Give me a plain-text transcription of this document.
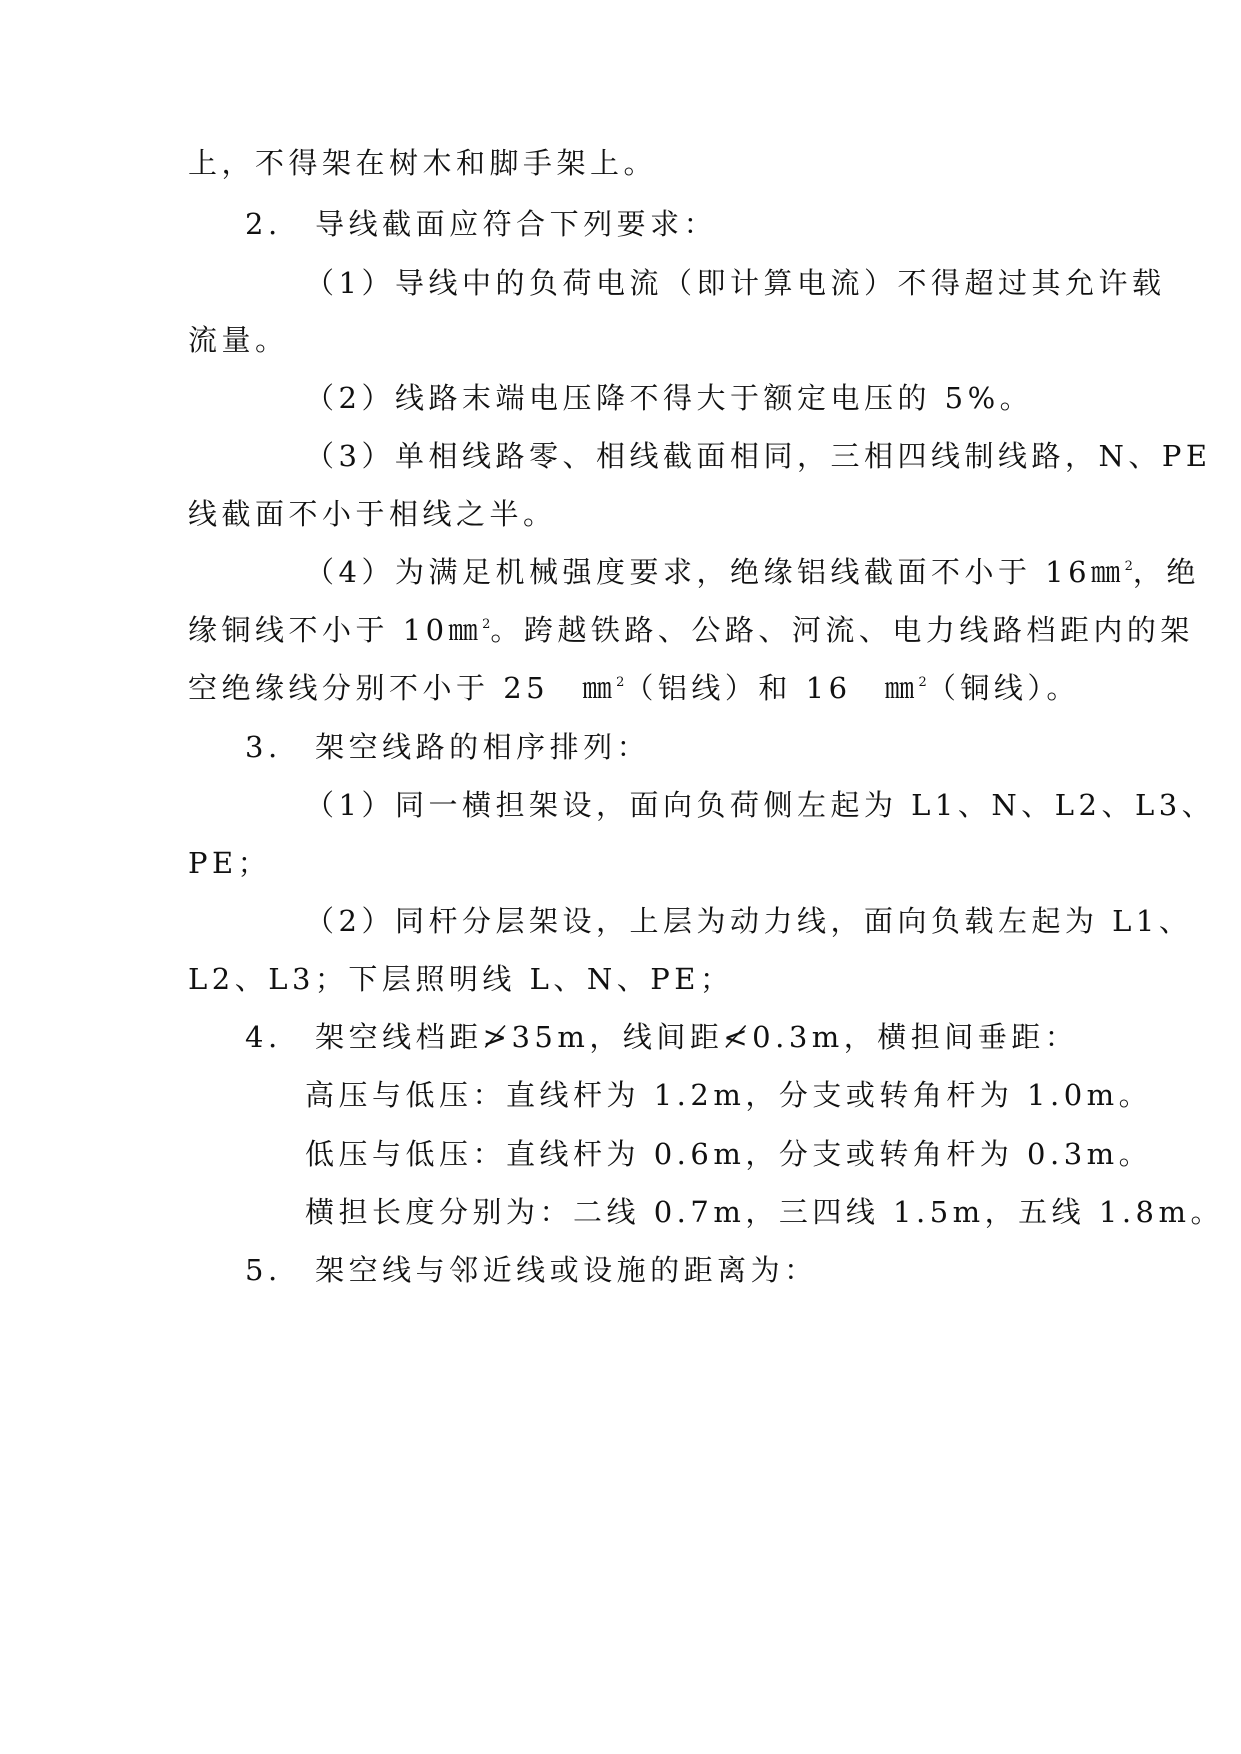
上，不得架在树木和脚手架上。
2.　导线截面应符合下列要求：
（1）导线中的负荷电流（即计算电流）不得超过其允许载
流量。
（2）线路末端电压降不得大于额定电压的 5%。
（3）单相线路零、相线截面相同，三相四线制线路，N、PE
线截面不小于相线之半。
（4）为满足机械强度要求，绝缘铝线截面不小于 16㎜$^2$，绝
缘铜线不小于 10㎜$^2$。跨越铁路、公路、河流、电力线路档距内的架
空绝缘线分别不小于 25　㎜$^2$（铝线）和 16　㎜$^2$（铜线）。
3.　架空线路的相序排列：
（1）同一横担架设，面向负荷侧左起为 L1、N、L2、L3、
PE；
（2）同杆分层架设，上层为动力线，面向负载左起为 L1、
L2、L3；下层照明线 L、N、PE；
4.　架空线档距≯35m，线间距≮0.3m，横担间垂距：
高压与低压：直线杆为 1.2m，分支或转角杆为 1.0m。
低压与低压：直线杆为 0.6m，分支或转角杆为 0.3m。
横担长度分别为：二线 0.7m，三四线 1.5m，五线 1.8m。
5.　架空线与邻近线或设施的距离为：
